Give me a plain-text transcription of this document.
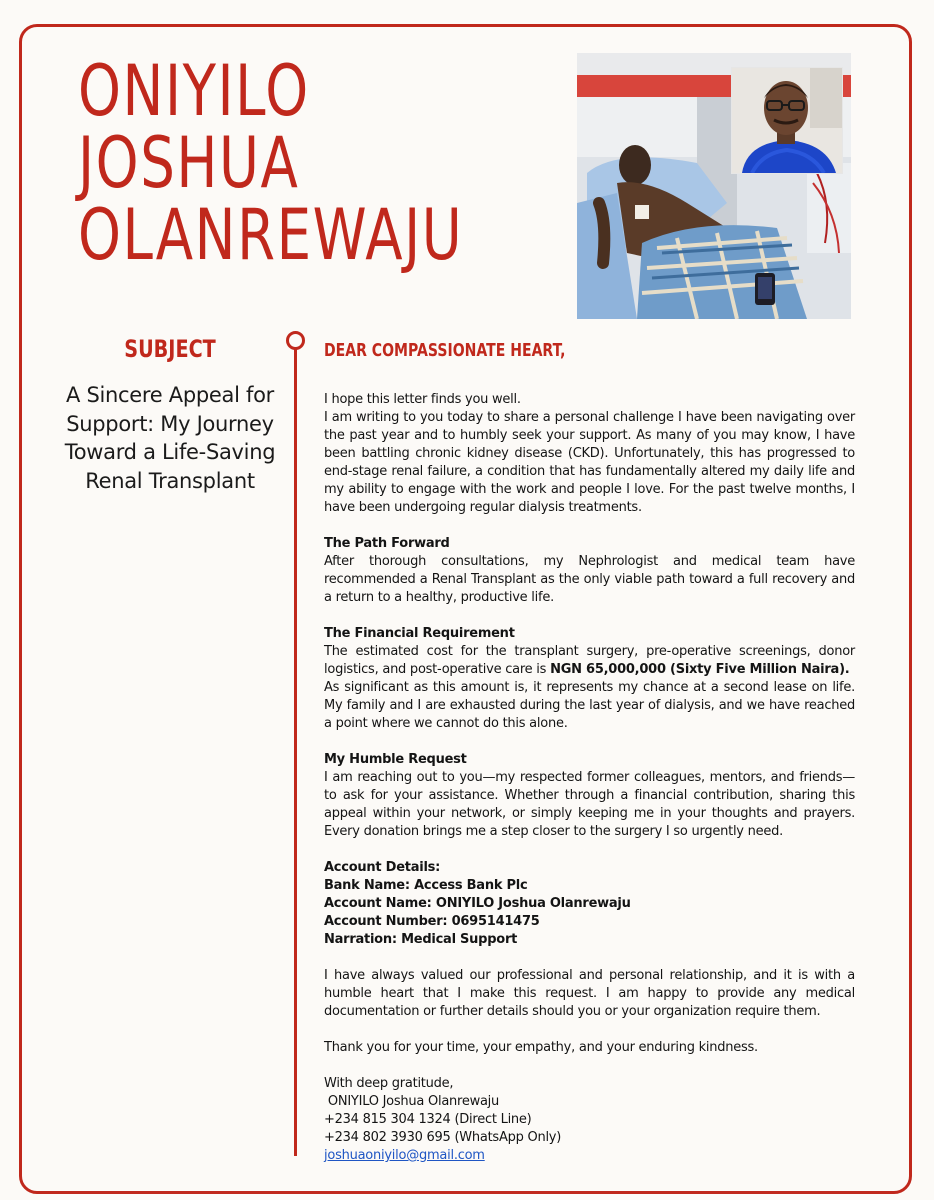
ONIYILO
JOSHUA
OLANREWAJU
SUBJECT
A Sincere Appeal for Support: My Journey Toward a Life-Saving Renal Transplant
DEAR COMPASSIONATE HEART,

I hope this letter finds you well.

I am writing to you today to share a personal challenge I have been navigating over the past year and to humbly seek your support. As many of you may know, I have been battling chronic kidney disease (CKD). Unfortunately, this has progressed to end-stage renal failure, a condition that has fundamentally altered my daily life and my ability to engage with the work and people I love. For the past twelve months, I have been undergoing regular dialysis treatments.

The Path Forward

After thorough consultations, my Nephrologist and medical team have recommended a Renal Transplant as the only viable path toward a full recovery and a return to a healthy, productive life.

The Financial Requirement

The estimated cost for the transplant surgery, pre-operative screenings, donor logistics, and post-operative care is NGN 65,000,000 (Sixty Five Million Naira).

As significant as this amount is, it represents my chance at a second lease on life. My family and I are exhausted during the last year of dialysis, and we have reached a point where we cannot do this alone.

My Humble Request

I am reaching out to you—my respected former colleagues, mentors, and friends—to ask for your assistance. Whether through a financial contribution, sharing this appeal within your network, or simply keeping me in your thoughts and prayers. Every donation brings me a step closer to the surgery I so urgently need.

Account Details:

Bank Name: Access Bank Plc

Account Name: ONIYILO Joshua Olanrewaju

Account Number: 0695141475

Narration: Medical Support

I have always valued our professional and personal relationship, and it is with a humble heart that I make this request. I am happy to provide any medical documentation or further details should you or your organization require them.

Thank you for your time, your empathy, and your enduring kindness.

With deep gratitude,

ONIYILO Joshua Olanrewaju

+234 815 304 1324 (Direct Line)

+234 802 3930 695 (WhatsApp Only)

joshuaoniyilo@gmail.com
